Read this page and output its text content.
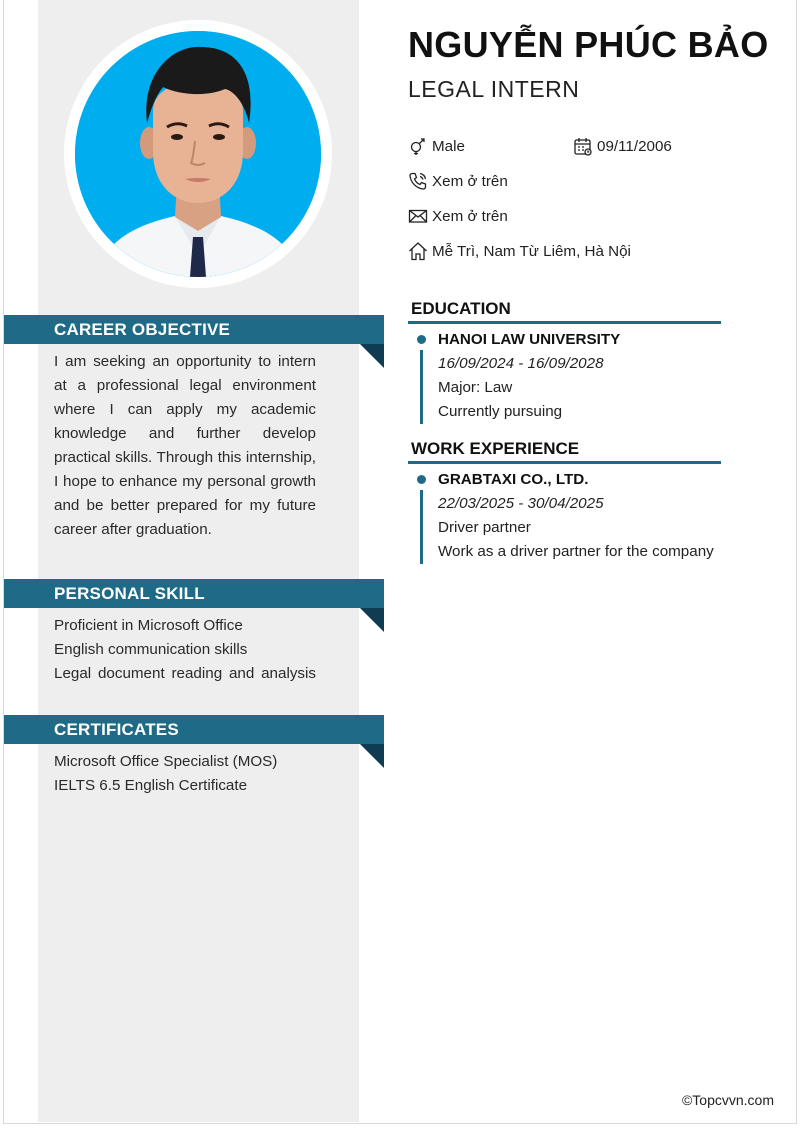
CAREER OBJECTIVE
I am seeking an opportunity to intern at a professional legal environment where I can apply my academic knowledge and further develop practical skills. Through this internship, I hope to enhance my personal growth and be better prepared for my future career after graduation.
PERSONAL SKILL
Proficient in Microsoft Office
English communication skills
Legal document reading and analysis
CERTIFICATES
Microsoft Office Specialist (MOS)
IELTS 6.5 English Certificate
NGUYỄN PHÚC BẢO
LEGAL INTERN
Male	09/11/2006
Xem ở trên
Xem ở trên
Mễ Trì, Nam Từ Liêm, Hà Nội
EDUCATION
HANOI LAW UNIVERSITY
16/09/2024 - 16/09/2028
Major: Law
Currently pursuing
WORK EXPERIENCE
GRABTAXI CO., LTD.
22/03/2025 - 30/04/2025
Driver partner
Work as a driver partner for the company
©Topcvvn.com
